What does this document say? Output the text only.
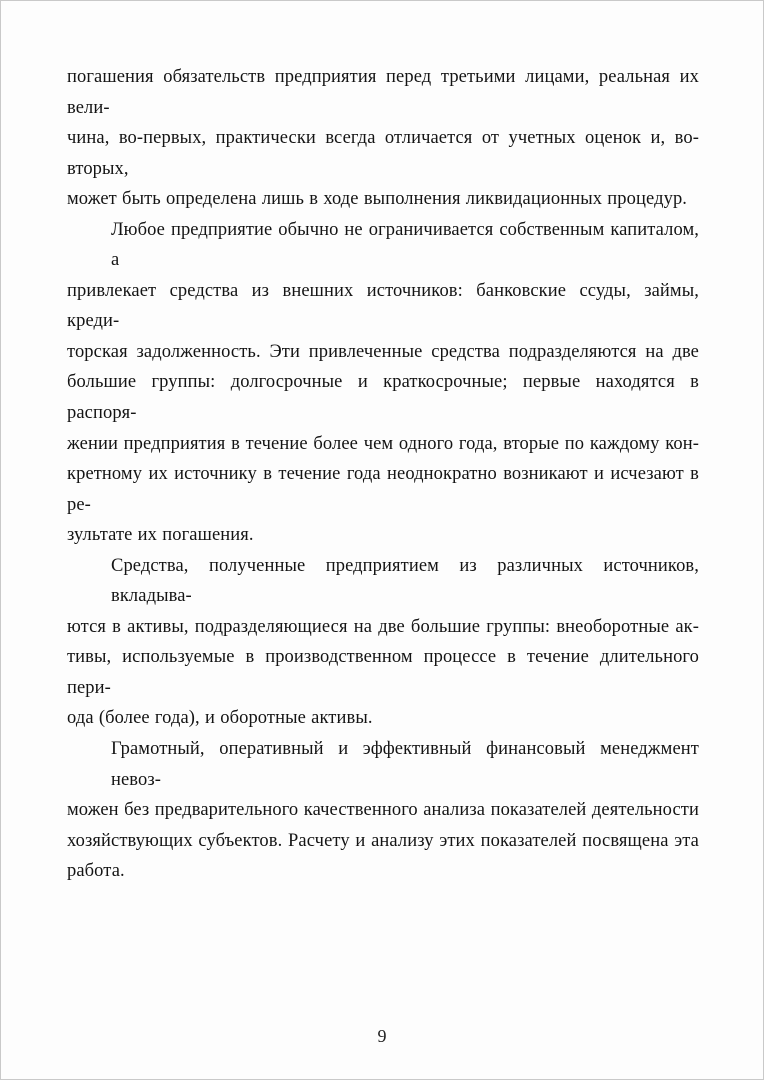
погашения обязательств предприятия перед третьими лицами, реальная их вели-
чина, во-первых, практически всегда отличается от учетных оценок и, во-вторых,
может быть определена лишь в ходе выполнения ликвидационных процедур.
Любое предприятие обычно не ограничивается собственным капиталом, а
привлекает средства из внешних источников: банковские ссуды, займы, креди-
торская задолженность. Эти привлеченные средства подразделяются на две
большие группы: долгосрочные и краткосрочные; первые находятся в распоря-
жении предприятия в течение более чем одного года, вторые по каждому кон-
кретному их источнику в течение года неоднократно возникают и исчезают в ре-
зультате их погашения.
Средства, полученные предприятием из различных источников, вкладыва-
ются в активы, подразделяющиеся на две большие группы: внеоборотные ак-
тивы, используемые в производственном процессе в течение длительного пери-
ода (более года), и оборотные активы.
Грамотный, оперативный и эффективный финансовый менеджмент невоз-
можен без предварительного качественного анализа показателей деятельности
хозяйствующих субъектов. Расчету и анализу этих показателей посвящена эта
работа.
9
